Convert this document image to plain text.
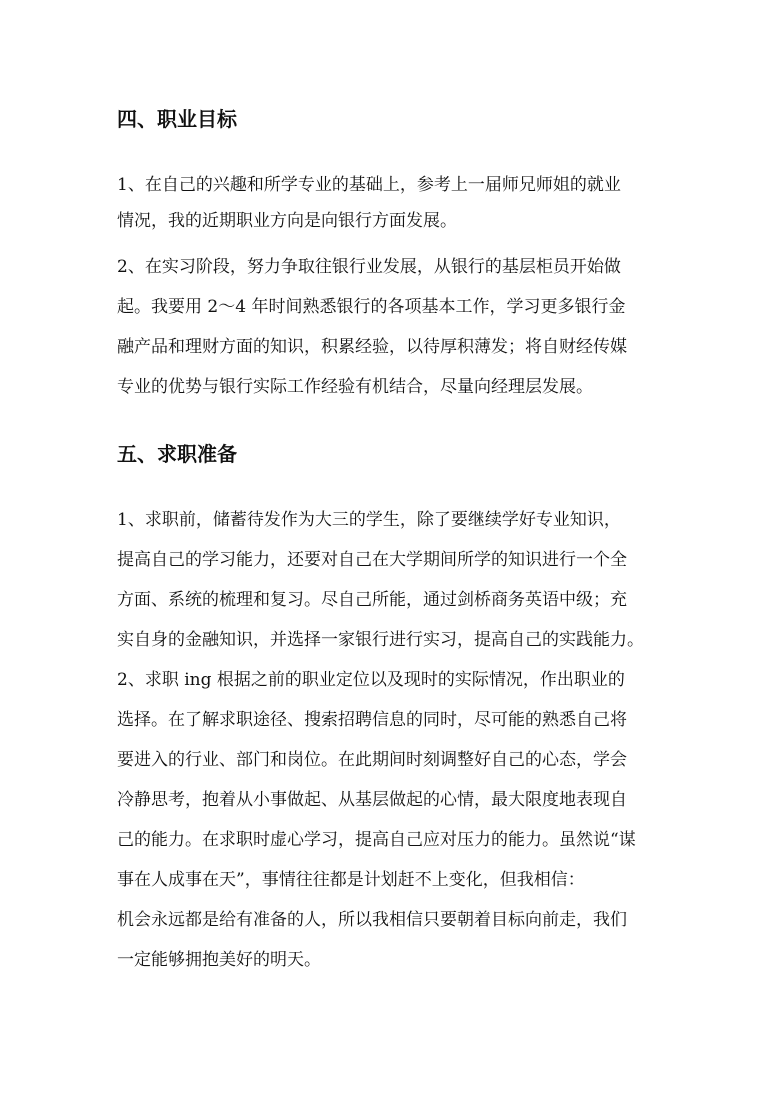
四、职业目标

1、在自己的兴趣和所学专业的基础上，参考上一届师兄师姐的就业

情况，我的近期职业方向是向银行方面发展。

2、在实习阶段，努力争取往银行业发展，从银行的基层柜员开始做

起。我要用 2～4 年时间熟悉银行的各项基本工作，学习更多银行金

融产品和理财方面的知识，积累经验，以待厚积薄发；将自财经传媒

专业的优势与银行实际工作经验有机结合，尽量向经理层发展。

五、求职准备

1、求职前，储蓄待发作为大三的学生，除了要继续学好专业知识，

提高自己的学习能力，还要对自己在大学期间所学的知识进行一个全

方面、系统的梳理和复习。尽自己所能，通过剑桥商务英语中级；充

实自身的金融知识，并选择一家银行进行实习，提高自己的实践能力。

2、求职 ing 根据之前的职业定位以及现时的实际情况，作出职业的

选择。在了解求职途径、搜索招聘信息的同时，尽可能的熟悉自己将

要进入的行业、部门和岗位。在此期间时刻调整好自己的心态，学会

冷静思考，抱着从小事做起、从基层做起的心情，最大限度地表现自

己的能力。在求职时虚心学习，提高自己应对压力的能力。虽然说“谋

事在人成事在天”，事情往往都是计划赶不上变化，但我相信：

机会永远都是给有准备的人，所以我相信只要朝着目标向前走，我们

一定能够拥抱美好的明天。
